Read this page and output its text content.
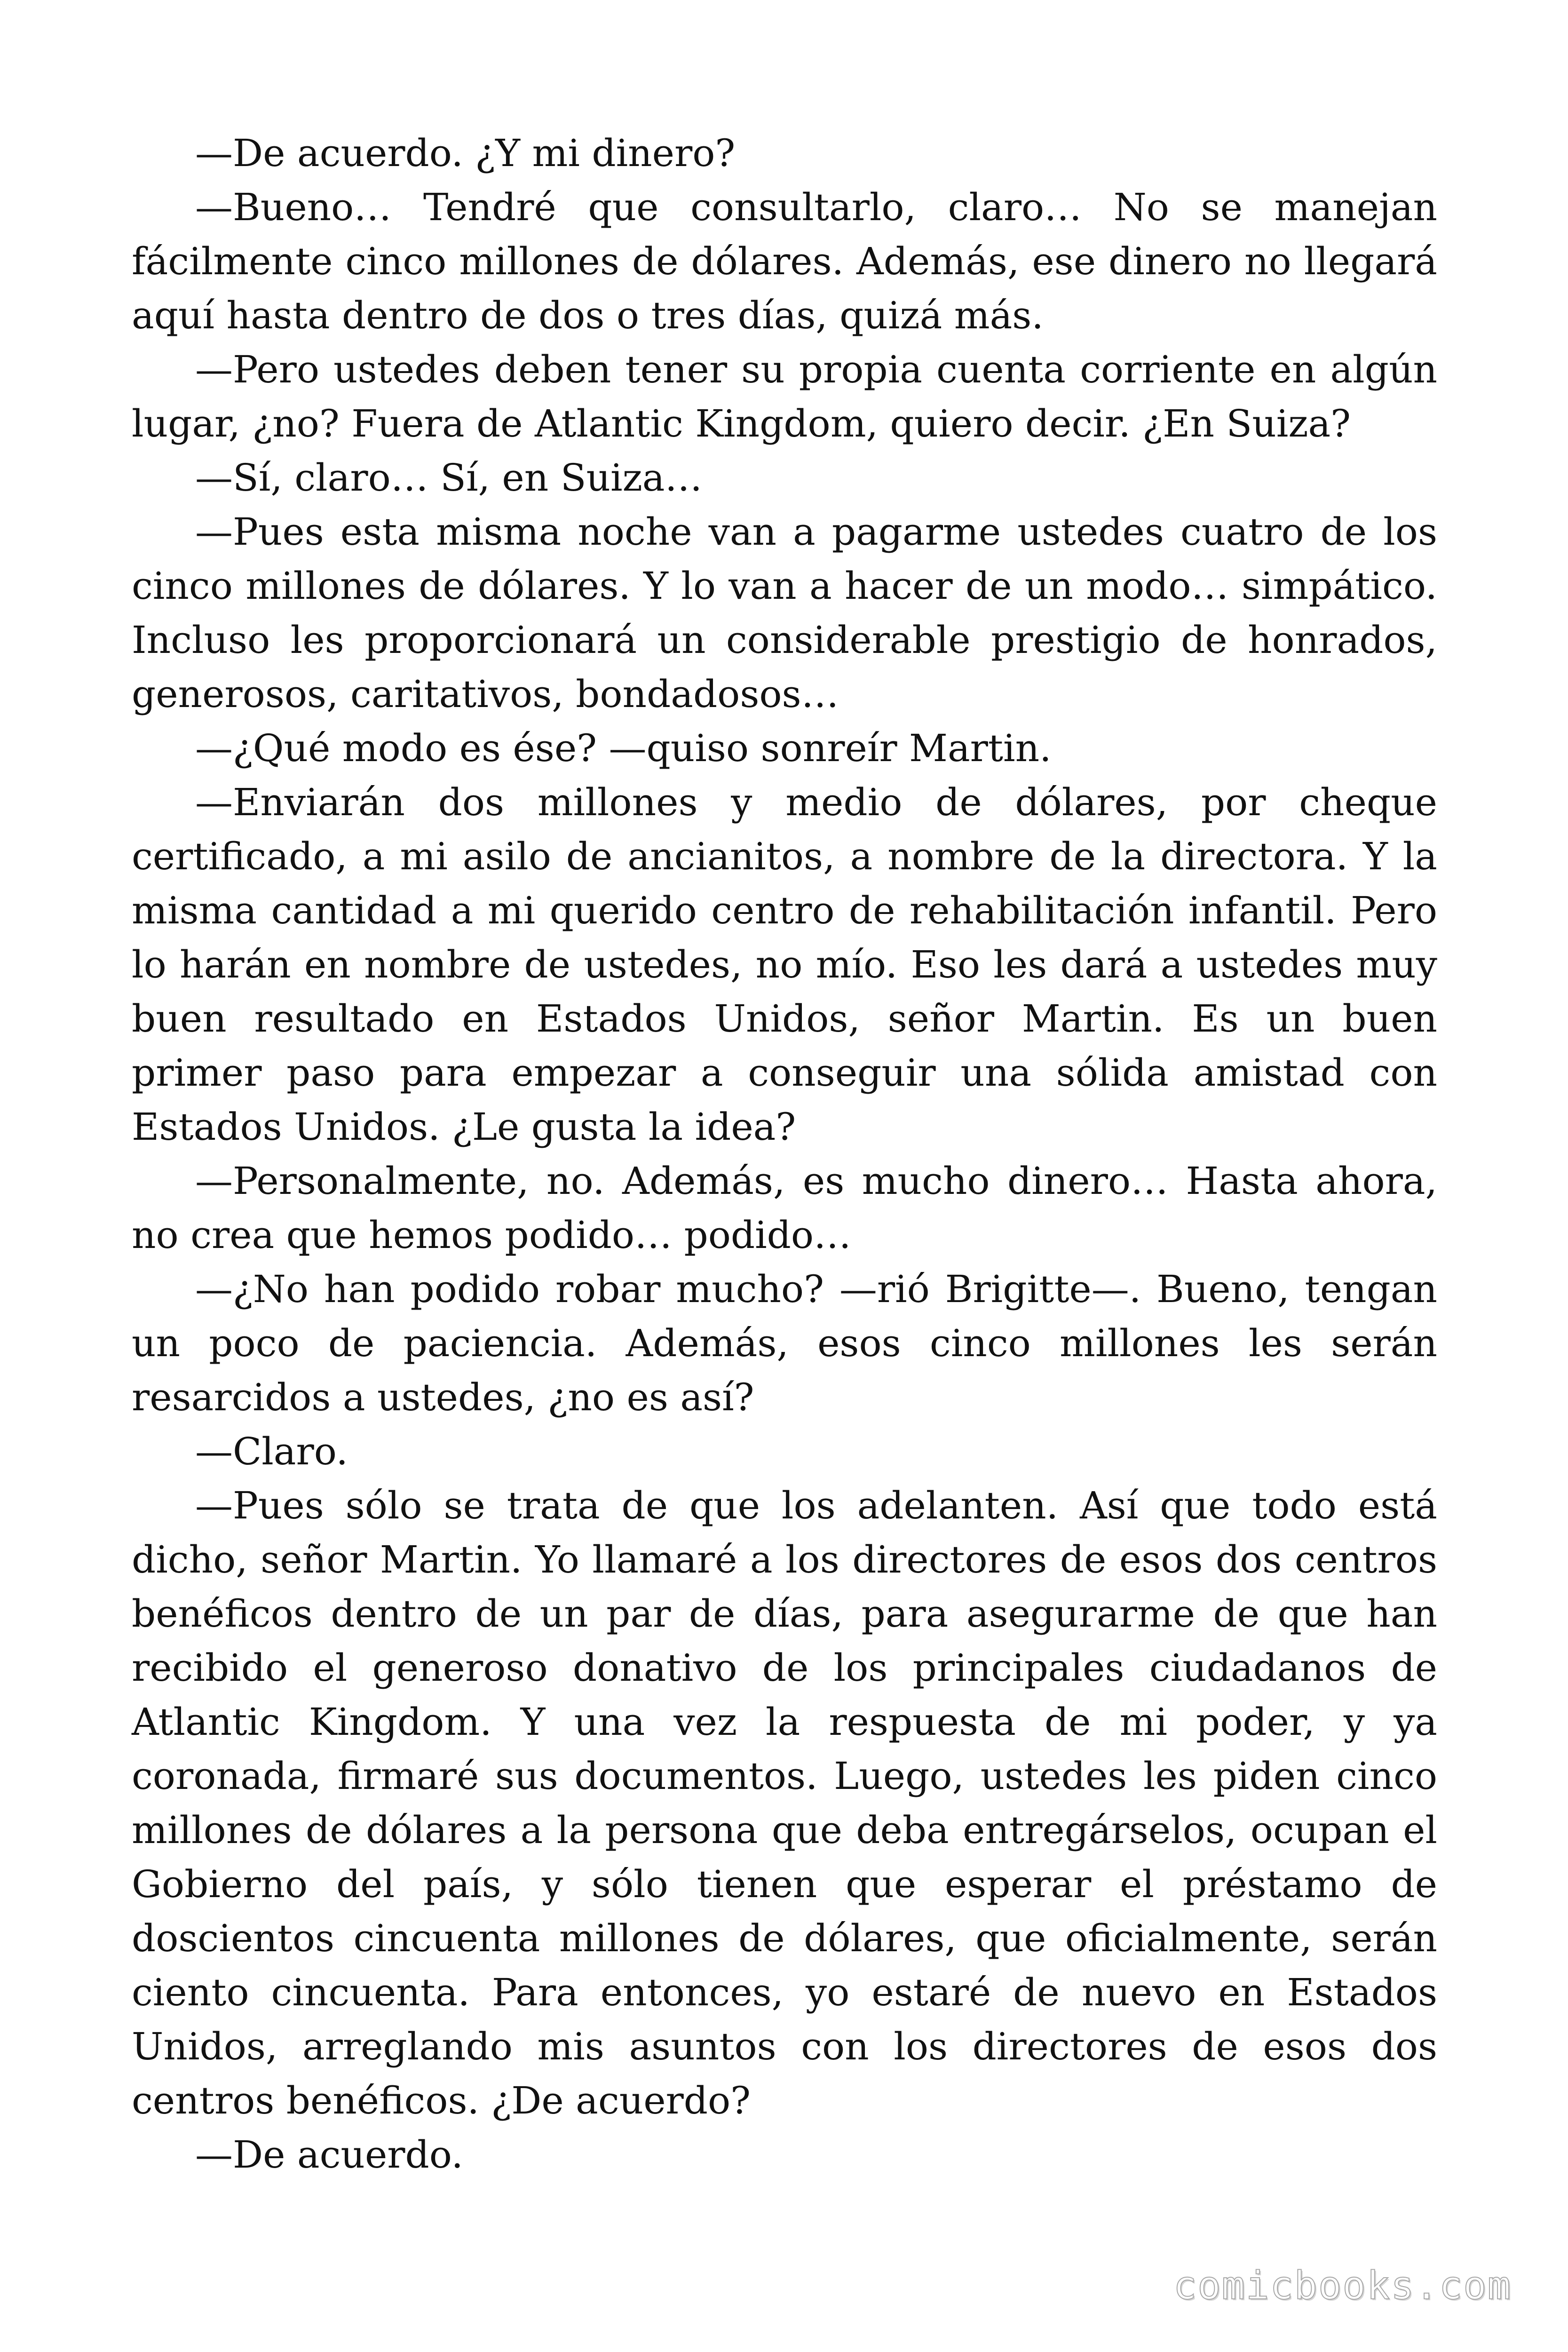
—De acuerdo. ¿Y mi dinero?

—Bueno… Tendré que consultarlo, claro… No se manejan fácilmente cinco millones de dólares. Además, ese dinero no llegará aquí hasta dentro de dos o tres días, quizá más.

—Pero ustedes deben tener su propia cuenta corriente en algún lugar, ¿no? Fuera de Atlantic Kingdom, quiero decir. ¿En Suiza?

—Sí, claro… Sí, en Suiza…

—Pues esta misma noche van a pagarme ustedes cuatro de los cinco millones de dólares. Y lo van a hacer de un modo… simpático. Incluso les proporcionará un considerable prestigio de honrados, generosos, caritativos, bondadosos…

—¿Qué modo es ése? —quiso sonreír Martin.

—Enviarán dos millones y medio de dólares, por cheque certificado, a mi asilo de ancianitos, a nombre de la directora. Y la misma cantidad a mi querido centro de rehabilitación infantil. Pero lo harán en nombre de ustedes, no mío. Eso les dará a ustedes muy buen resultado en Estados Unidos, señor Martin. Es un buen primer paso para empezar a conseguir una sólida amistad con Estados Unidos. ¿Le gusta la idea?

—Personalmente, no. Además, es mucho dinero… Hasta ahora, no crea que hemos podido… podido…

—¿No han podido robar mucho? —rió Brigitte—. Bueno, tengan un poco de paciencia. Además, esos cinco millones les serán resarcidos a ustedes, ¿no es así?

—Claro.

—Pues sólo se trata de que los adelanten. Así que todo está dicho, señor Martin. Yo llamaré a los directores de esos dos centros benéficos dentro de un par de días, para asegurarme de que han recibido el generoso donativo de los principales ciudadanos de Atlantic Kingdom. Y una vez la respuesta de mi poder, y ya coronada, firmaré sus documentos. Luego, ustedes les piden cinco millones de dólares a la persona que deba entregárselos, ocupan el Gobierno del país, y sólo tienen que esperar el préstamo de doscientos cincuenta millones de dólares, que oficialmente, serán ciento cincuenta. Para entonces, yo estaré de nuevo en Estados Unidos, arreglando mis asuntos con los directores de esos dos centros benéficos. ¿De acuerdo?

—De acuerdo.

comicbooks.com
